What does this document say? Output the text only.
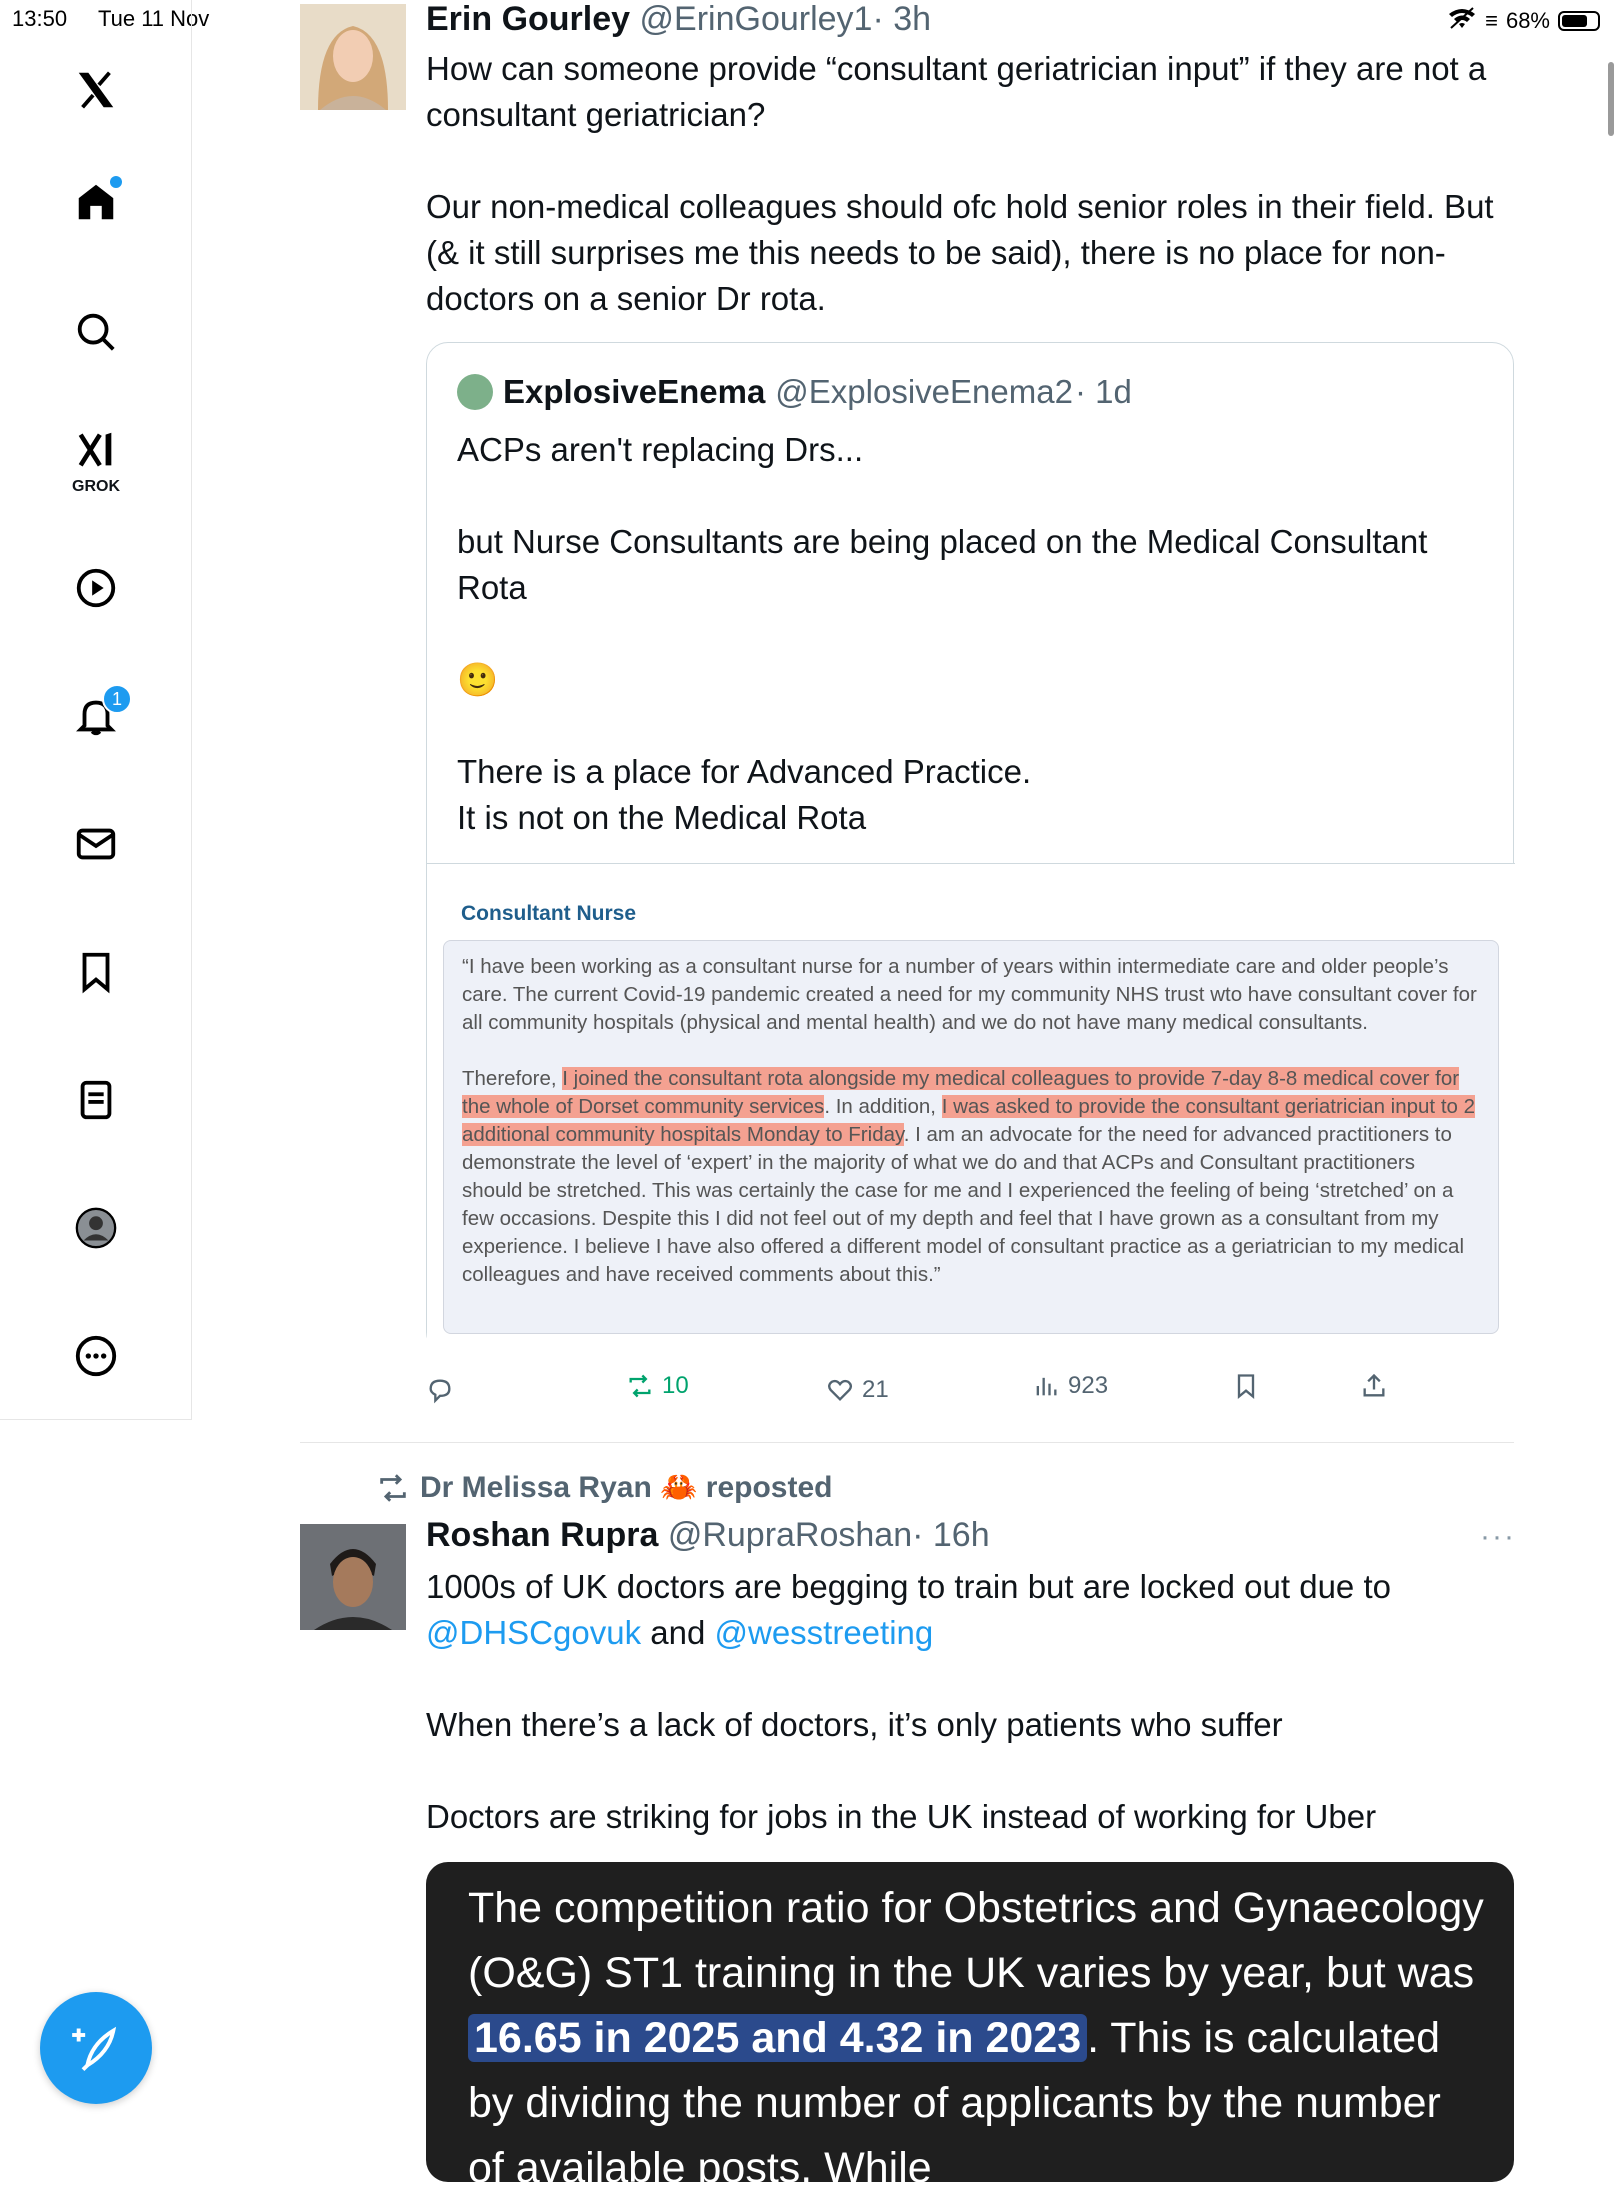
13:50 Tue 11 Nov	≡ 68%
GROK
1
Erin Gourley @ErinGourley1· 3h
How can someone provide “consultant geriatrician input” if they are not a consultant geriatrician?

Our non-medical colleagues should ofc hold senior roles in their field. But (& it still surprises me this needs to be said), there is no place for non-doctors on a senior Dr rota.
ExplosiveEnema @ExplosiveEnema2 · 1d
ACPs aren't replacing Drs...

but Nurse Consultants are being placed on the Medical Consultant Rota

🙂

There is a place for Advanced Practice.
It is not on the Medical Rota
Consultant Nurse

“I have been working as a consultant nurse for a number of years within intermediate care and older people’s care. The current Covid-19 pandemic created a need for my community NHS trust wto have consultant cover for all community hospitals (physical and mental health) and we do not have many medical consultants.

Therefore, I joined the consultant rota alongside my medical colleagues to provide 7-day 8-8 medical cover for the whole of Dorset community services. In addition, I was asked to provide the consultant geriatrician input to 2 additional community hospitals Monday to Friday. I am an advocate for the need for advanced practitioners to demonstrate the level of ‘expert’ in the majority of what we do and that ACPs and Consultant practitioners should be stretched. This was certainly the case for me and I experienced the feeling of being ‘stretched’ on a few occasions. Despite this I did not feel out of my depth and feel that I have grown as a consultant from my experience. I believe I have also offered a different model of consultant practice as a geriatrician to my medical colleagues and have received comments about this.”

10	21	923
Dr Melissa Ryan 🦀 reposted
Roshan Rupra @RupraRoshan· 16h	···
1000s of UK doctors are begging to train but are locked out due to @DHSCgovuk and @wesstreeting

When there’s a lack of doctors, it’s only patients who suffer

Doctors are striking for jobs in the UK instead of working for Uber
The competition ratio for Obstetrics and Gynaecology (O&G) ST1 training in the UK varies by year, but was 16.65 in 2025 and 4.32 in 2023 . This is calculated by dividing the number of applicants by the number of available posts. While
